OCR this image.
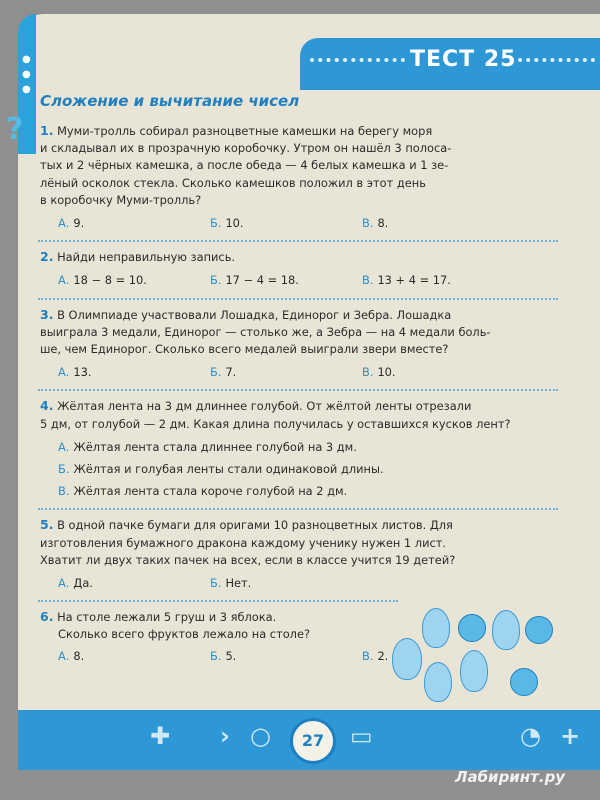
●
●
●
ТЕСТ 25
?
Сложение и вычитание чисел
1. Муми-тролль собирал разноцветные камешки на берегу моря
и складывал их в прозрачную коробочку. Утром он нашёл 3 полоса-
тых и 2 чёрных камешка, а после обеда — 4 белых камешка и 1 зе-
лёный осколок стекла. Сколько камешков положил в этот день
в коробочку Муми-тролль?
А. 9.	Б. 10.	В. 8.
2. Найди неправильную запись.
А. 18 − 8 = 10.	Б. 17 − 4 = 18.	В. 13 + 4 = 17.
3. В Олимпиаде участвовали Лошадка, Единорог и Зебра. Лошадка
выиграла 3 медали, Единорог — столько же, а Зебра — на 4 медали боль-
ше, чем Единорог. Сколько всего медалей выиграли звери вместе?
А. 13.	Б. 7.	В. 10.
4. Жёлтая лента на 3 дм длиннее голубой. От жёлтой ленты отрезали
5 дм, от голубой — 2 дм. Какая длина получилась у оставшихся кусков лент?
А. Жёлтая лента стала длиннее голубой на 3 дм.
Б. Жёлтая и голубая ленты стали одинаковой длины.
В. Жёлтая лента стала короче голубой на 2 дм.
5. В одной пачке бумаги для оригами 10 разноцветных листов. Для
изготовления бумажного дракона каждому ученику нужен 1 лист.
Хватит ли двух таких пачек на всех, если в классе учится 19 детей?
А. Да.	Б. Нет.
6. На столе лежали 5 груш и 3 яблока.
Сколько всего фруктов лежало на столе?
А. 8.	Б. 5.	В. 2.
✚ › ○	27	▭	◔ +
Лабиринт.ру
